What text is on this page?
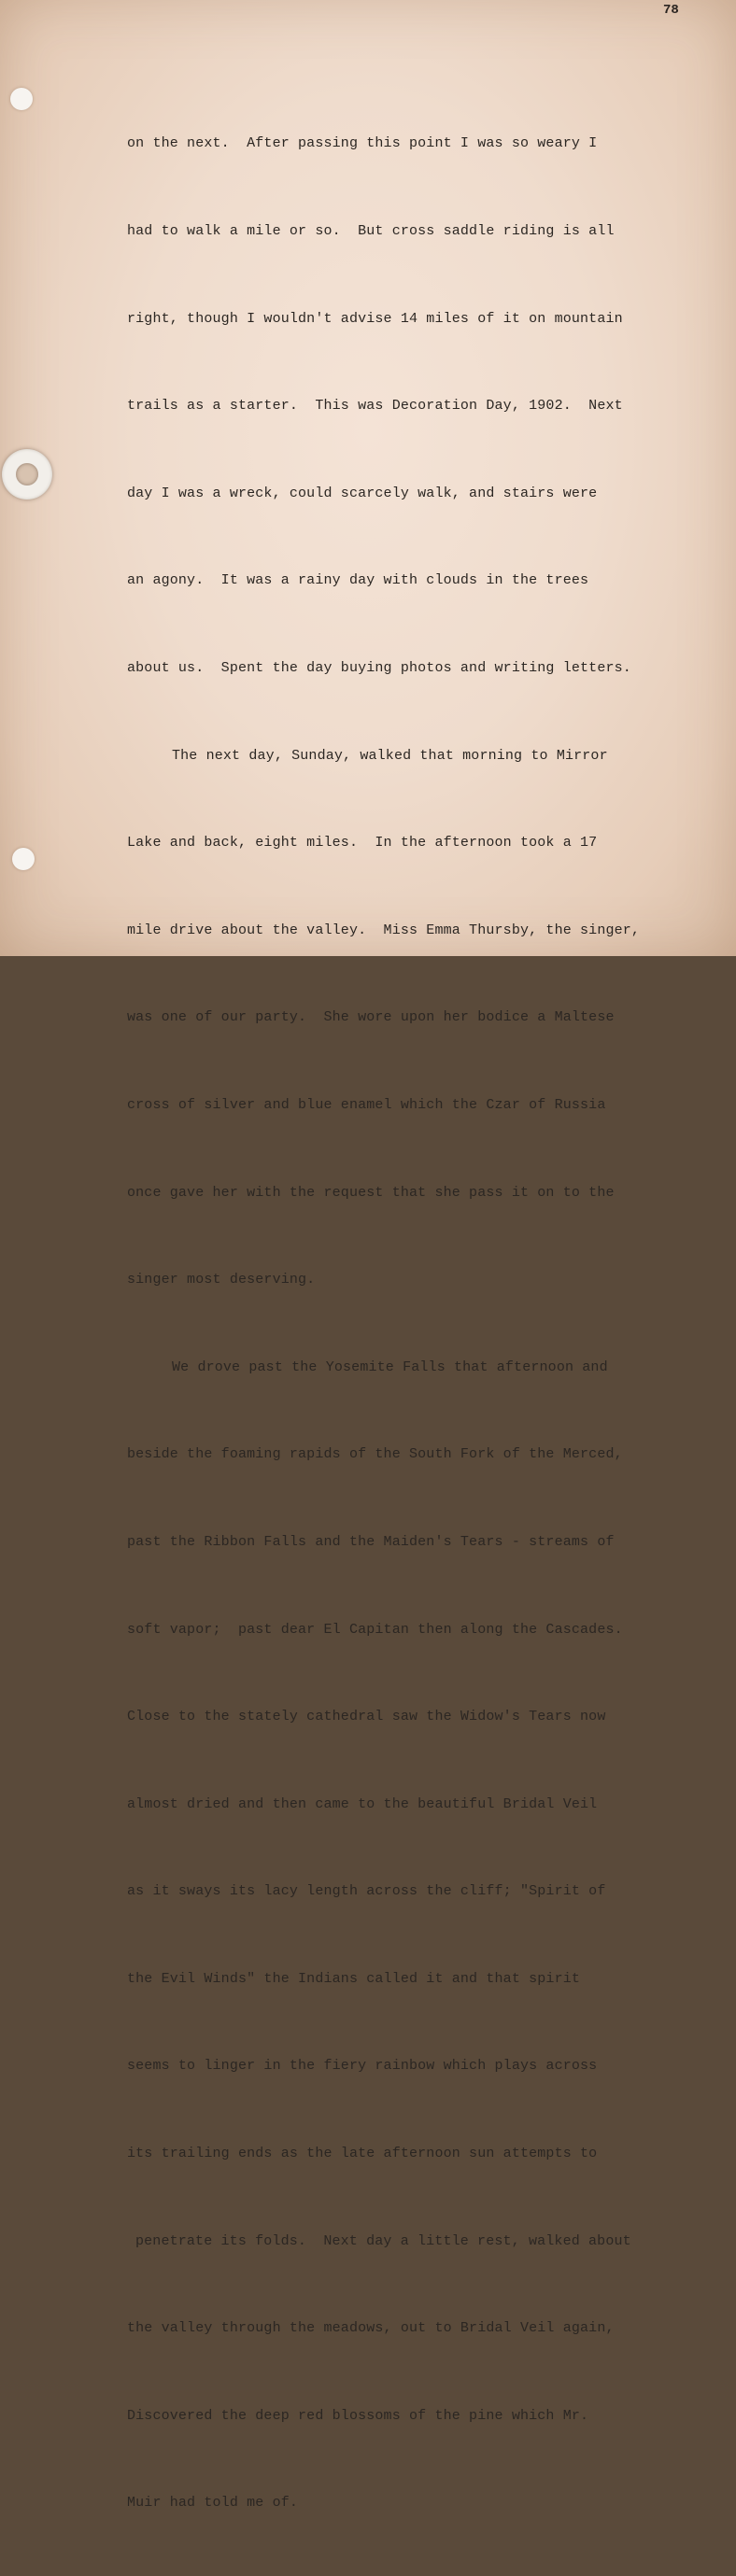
78

on the next.  After passing this point I was so weary I

had to walk a mile or so.  But cross saddle riding is all

right, though I wouldn't advise 14 miles of it on mountain

trails as a starter.  This was Decoration Day, 1902.  Next

day I was a wreck, could scarcely walk, and stairs were

an agony.  It was a rainy day with clouds in the trees

about us.  Spent the day buying photos and writing letters.

The next day, Sunday, walked that morning to Mirror

Lake and back, eight miles.  In the afternoon took a 17

mile drive about the valley.  Miss Emma Thursby, the singer,

was one of our party.  She wore upon her bodice a Maltese

cross of silver and blue enamel which the Czar of Russia

once gave her with the request that she pass it on to the

singer most deserving.

We drove past the Yosemite Falls that afternoon and

beside the foaming rapids of the South Fork of the Merced,

past the Ribbon Falls and the Maiden's Tears - streams of

soft vapor;  past dear El Capitan then along the Cascades.

Close to the stately cathedral saw the Widow's Tears now

almost dried and then came to the beautiful Bridal Veil

as it sways its lacy length across the cliff; "Spirit of

the Evil Winds" the Indians called it and that spirit

seems to linger in the fiery rainbow which plays across

its trailing ends as the late afternoon sun attempts to

penetrate its folds.  Next day a little rest, walked about

the valley through the meadows, out to Bridal Veil again,

Discovered the deep red blossoms of the pine which Mr.

Muir had told me of.
